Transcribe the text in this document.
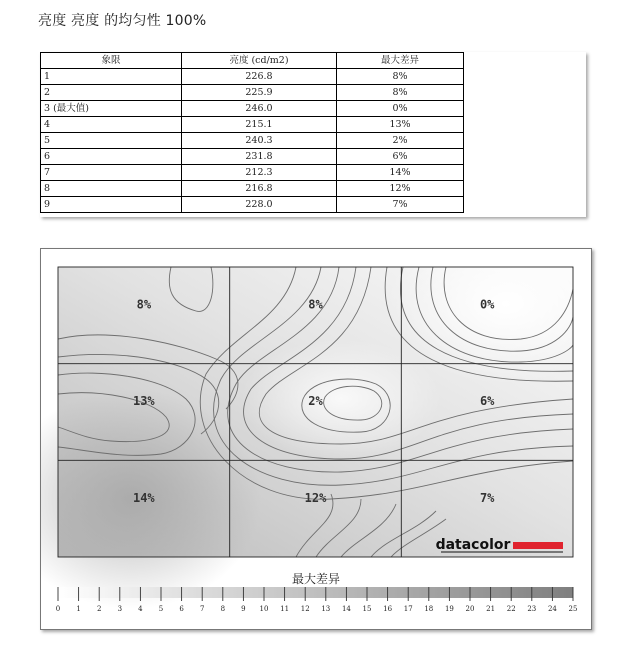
亮度 亮度 的均匀性 100%
象限	亮度 (cd/m2)	最大差异
1	226.8	8%
2	225.9	8%
3 (最大值)	246.0	0%
4	215.1	13%
5	240.3	2%
6	231.8	6%
7	212.3	14%
8	216.8	12%
9	228.0	7%
8%	8%	0%
13%	2%	6%
14%	12%	7%
datacolor
0 1 2 3 4 5 6 7 8 9 10 11 12 13 14 15 16 17 18 19 20 21 22 23 24 25
最大差异
